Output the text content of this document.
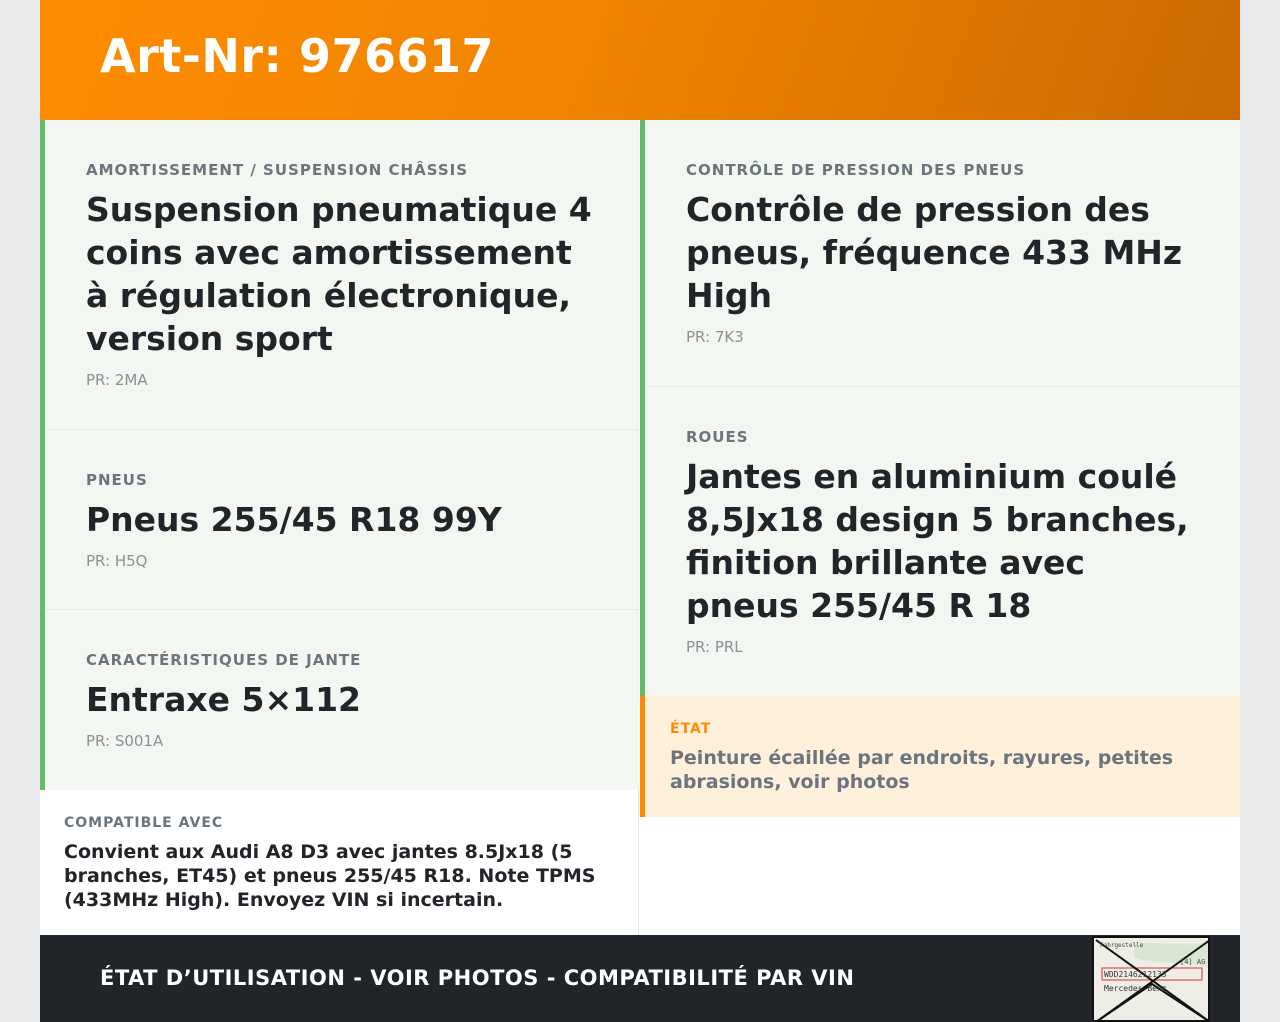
Art-Nr: 976617
AMORTISSEMENT / SUSPENSION CHÂSSIS
Suspension pneumatique 4 coins avec amortissement à régulation électronique, version sport
PR: 2MA
PNEUS
Pneus 255/45 R18 99Y
PR: H5Q
CARACTÉRISTIQUES DE JANTE
Entraxe 5×112
PR: S001A
CONTRÔLE DE PRESSION DES PNEUS
Contrôle de pression des pneus, fréquence 433 MHz High
PR: 7K3
ROUES
Jantes en aluminium coulé 8,5Jx18 design 5 branches, finition brillante avec pneus 255/45 R 18
PR: PRL
ÉTAT
Peinture écaillée par endroits, rayures, petites abrasions, voir photos
COMPATIBLE AVEC
Convient aux Audi A8 D3 avec jantes 8.5Jx18 (5 branches, ET45) et pneus 255/45 R18. Note TPMS (433MHz High). Envoyez VIN si incertain.
ÉTAT D’UTILISATION - VOIR PHOTOS - COMPATIBILITÉ PAR VIN
Fahrgestelle
[4] AG
WDD2146212133
Mercedes-Benz
